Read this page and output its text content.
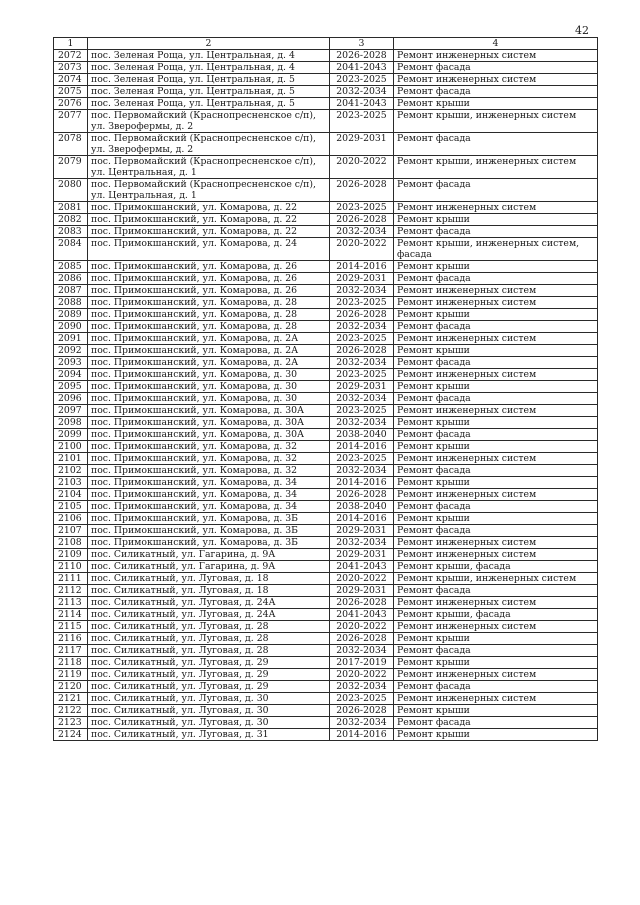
42
1	2	3	4
2072	пос. Зеленая Роща, ул. Центральная, д. 4	2026-2028	Ремонт инженерных систем
2073	пос. Зеленая Роща, ул. Центральная, д. 4	2041-2043	Ремонт фасада
2074	пос. Зеленая Роща, ул. Центральная, д. 5	2023-2025	Ремонт инженерных систем
2075	пос. Зеленая Роща, ул. Центральная, д. 5	2032-2034	Ремонт фасада
2076	пос. Зеленая Роща, ул. Центральная, д. 5	2041-2043	Ремонт крыши
2077	пос. Первомайский (Краснопресненское с/п), ул. Зверофермы, д. 2	2023-2025	Ремонт крыши, инженерных систем
2078	пос. Первомайский (Краснопресненское с/п), ул. Зверофермы, д. 2	2029-2031	Ремонт фасада
2079	пос. Первомайский (Краснопресненское с/п), ул. Центральная, д. 1	2020-2022	Ремонт крыши, инженерных систем
2080	пос. Первомайский (Краснопресненское с/п), ул. Центральная, д. 1	2026-2028	Ремонт фасада
2081	пос. Примокшанский, ул. Комарова, д. 22	2023-2025	Ремонт инженерных систем
2082	пос. Примокшанский, ул. Комарова, д. 22	2026-2028	Ремонт крыши
2083	пос. Примокшанский, ул. Комарова, д. 22	2032-2034	Ремонт фасада
2084	пос. Примокшанский, ул. Комарова, д. 24	2020-2022	Ремонт крыши, инженерных систем, фасада
2085	пос. Примокшанский, ул. Комарова, д. 26	2014-2016	Ремонт крыши
2086	пос. Примокшанский, ул. Комарова, д. 26	2029-2031	Ремонт фасада
2087	пос. Примокшанский, ул. Комарова, д. 26	2032-2034	Ремонт инженерных систем
2088	пос. Примокшанский, ул. Комарова, д. 28	2023-2025	Ремонт инженерных систем
2089	пос. Примокшанский, ул. Комарова, д. 28	2026-2028	Ремонт крыши
2090	пос. Примокшанский, ул. Комарова, д. 28	2032-2034	Ремонт фасада
2091	пос. Примокшанский, ул. Комарова, д. 2А	2023-2025	Ремонт инженерных систем
2092	пос. Примокшанский, ул. Комарова, д. 2А	2026-2028	Ремонт крыши
2093	пос. Примокшанский, ул. Комарова, д. 2А	2032-2034	Ремонт фасада
2094	пос. Примокшанский, ул. Комарова, д. 30	2023-2025	Ремонт инженерных систем
2095	пос. Примокшанский, ул. Комарова, д. 30	2029-2031	Ремонт крыши
2096	пос. Примокшанский, ул. Комарова, д. 30	2032-2034	Ремонт фасада
2097	пос. Примокшанский, ул. Комарова, д. 30А	2023-2025	Ремонт инженерных систем
2098	пос. Примокшанский, ул. Комарова, д. 30А	2032-2034	Ремонт крыши
2099	пос. Примокшанский, ул. Комарова, д. 30А	2038-2040	Ремонт фасада
2100	пос. Примокшанский, ул. Комарова, д. 32	2014-2016	Ремонт крыши
2101	пос. Примокшанский, ул. Комарова, д. 32	2023-2025	Ремонт инженерных систем
2102	пос. Примокшанский, ул. Комарова, д. 32	2032-2034	Ремонт фасада
2103	пос. Примокшанский, ул. Комарова, д. 34	2014-2016	Ремонт крыши
2104	пос. Примокшанский, ул. Комарова, д. 34	2026-2028	Ремонт инженерных систем
2105	пос. Примокшанский, ул. Комарова, д. 34	2038-2040	Ремонт фасада
2106	пос. Примокшанский, ул. Комарова, д. 3Б	2014-2016	Ремонт крыши
2107	пос. Примокшанский, ул. Комарова, д. 3Б	2029-2031	Ремонт фасада
2108	пос. Примокшанский, ул. Комарова, д. 3Б	2032-2034	Ремонт инженерных систем
2109	пос. Силикатный, ул. Гагарина, д. 9А	2029-2031	Ремонт инженерных систем
2110	пос. Силикатный, ул. Гагарина, д. 9А	2041-2043	Ремонт крыши, фасада
2111	пос. Силикатный, ул. Луговая, д. 18	2020-2022	Ремонт крыши, инженерных систем
2112	пос. Силикатный, ул. Луговая, д. 18	2029-2031	Ремонт фасада
2113	пос. Силикатный, ул. Луговая, д. 24А	2026-2028	Ремонт инженерных систем
2114	пос. Силикатный, ул. Луговая, д. 24А	2041-2043	Ремонт крыши, фасада
2115	пос. Силикатный, ул. Луговая, д. 28	2020-2022	Ремонт инженерных систем
2116	пос. Силикатный, ул. Луговая, д. 28	2026-2028	Ремонт крыши
2117	пос. Силикатный, ул. Луговая, д. 28	2032-2034	Ремонт фасада
2118	пос. Силикатный, ул. Луговая, д. 29	2017-2019	Ремонт крыши
2119	пос. Силикатный, ул. Луговая, д. 29	2020-2022	Ремонт инженерных систем
2120	пос. Силикатный, ул. Луговая, д. 29	2032-2034	Ремонт фасада
2121	пос. Силикатный, ул. Луговая, д. 30	2023-2025	Ремонт инженерных систем
2122	пос. Силикатный, ул. Луговая, д. 30	2026-2028	Ремонт крыши
2123	пос. Силикатный, ул. Луговая, д. 30	2032-2034	Ремонт фасада
2124	пос. Силикатный, ул. Луговая, д. 31	2014-2016	Ремонт крыши
